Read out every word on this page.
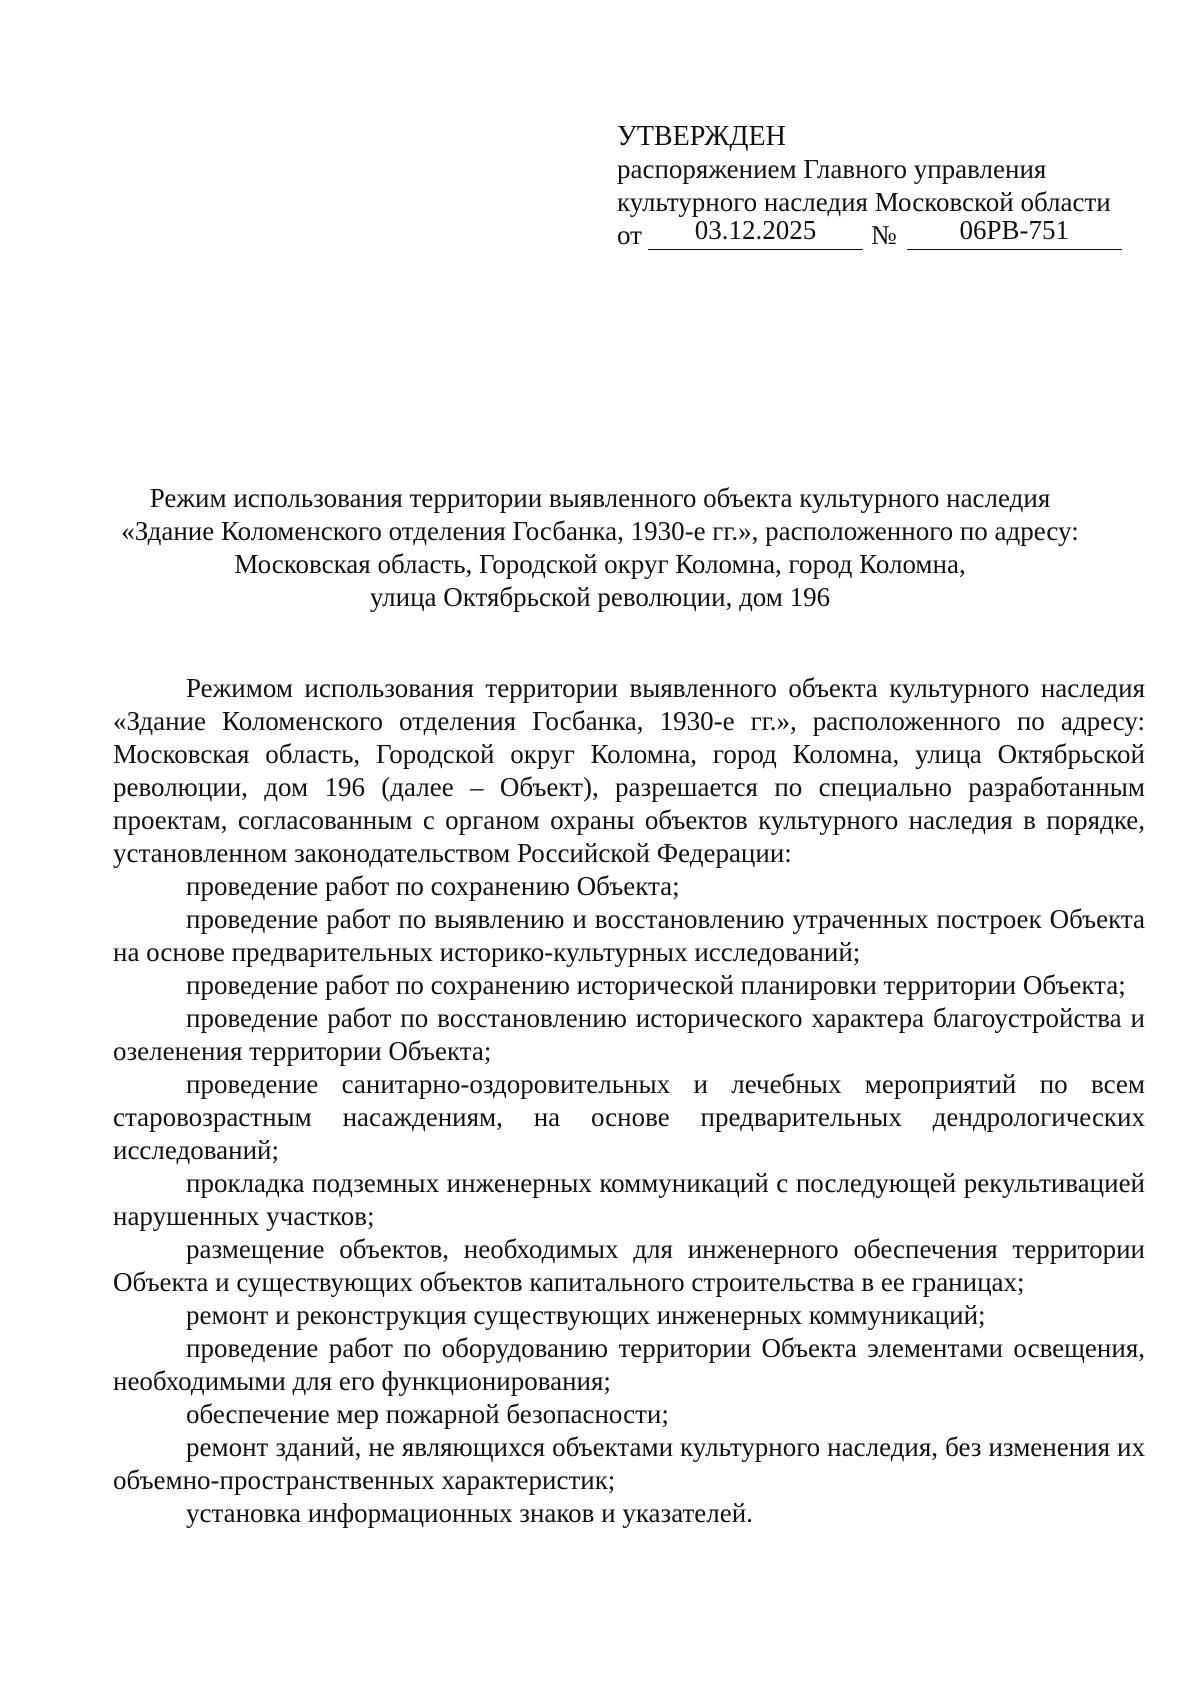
УТВЕРЖДЕН
распоряжением Главного управления
культурного наследия Московской области
от	03.12.2025	№	06РВ-751
Режим использования территории выявленного объекта культурного наследия
«Здание Коломенского отделения Госбанка, 1930-е гг.», расположенного по адресу:
Московская область, Городской округ Коломна, город Коломна,
улица Октябрьской революции, дом 196

Режимом использования территории выявленного объекта культурного наследия «Здание Коломенского отделения Госбанка, 1930-е гг.», расположенного по адресу: Московская область, Городской округ Коломна, город Коломна, улица Октябрьской революции, дом 196 (далее – Объект), разрешается по специально разработанным проектам, согласованным с органом охраны объектов культурного наследия в порядке, установленном законодательством Российской Федерации:

проведение работ по сохранению Объекта;

проведение работ по выявлению и восстановлению утраченных построек Объекта на основе предварительных историко-культурных исследований;

проведение работ по сохранению исторической планировки территории Объекта;

проведение работ по восстановлению исторического характера благоустройства и озеленения территории Объекта;

проведение санитарно-оздоровительных и лечебных мероприятий по всем старовозрастным насаждениям, на основе предварительных дендрологических исследований;

прокладка подземных инженерных коммуникаций с последующей рекультивацией нарушенных участков;

размещение объектов, необходимых для инженерного обеспечения территории Объекта и существующих объектов капитального строительства в ее границах;

ремонт и реконструкция существующих инженерных коммуникаций;

проведение работ по оборудованию территории Объекта элементами освещения, необходимыми для его функционирования;

обеспечение мер пожарной безопасности;

ремонт зданий, не являющихся объектами культурного наследия, без изменения их объемно-пространственных характеристик;

установка информационных знаков и указателей.
